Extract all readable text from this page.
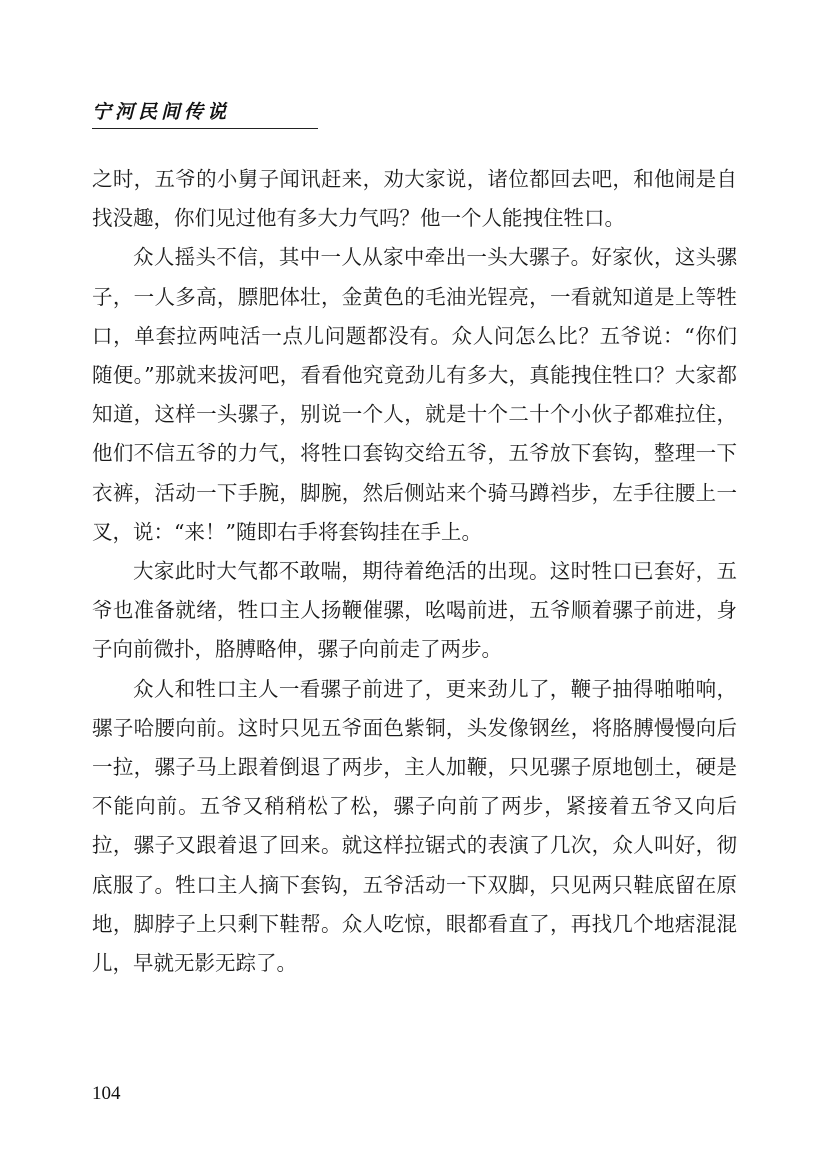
宁河民间传说

之时，五爷的小舅子闻讯赶来，劝大家说，诸位都回去吧，和他闹是自找没趣，你们见过他有多大力气吗？他一个人能拽住牲口。

众人摇头不信，其中一人从家中牵出一头大骡子。好家伙，这头骡子，一人多高，膘肥体壮，金黄色的毛油光锃亮，一看就知道是上等牲口，单套拉两吨活一点儿问题都没有。众人问怎么比？五爷说：“你们随便。”那就来拔河吧，看看他究竟劲儿有多大，真能拽住牲口？大家都知道，这样一头骡子，别说一个人，就是十个二十个小伙子都难拉住，他们不信五爷的力气，将牲口套钩交给五爷，五爷放下套钩，整理一下衣裤，活动一下手腕，脚腕，然后侧站来个骑马蹲裆步，左手往腰上一叉，说：“来！”随即右手将套钩挂在手上。

大家此时大气都不敢喘，期待着绝活的出现。这时牲口已套好，五爷也准备就绪，牲口主人扬鞭催骡，吆喝前进，五爷顺着骡子前进，身子向前微扑，胳膊略伸，骡子向前走了两步。

众人和牲口主人一看骡子前进了，更来劲儿了，鞭子抽得啪啪响，骡子哈腰向前。这时只见五爷面色紫铜，头发像钢丝，将胳膊慢慢向后一拉，骡子马上跟着倒退了两步，主人加鞭，只见骡子原地刨土，硬是不能向前。五爷又稍稍松了松，骡子向前了两步，紧接着五爷又向后拉，骡子又跟着退了回来。就这样拉锯式的表演了几次，众人叫好，彻底服了。牲口主人摘下套钩，五爷活动一下双脚，只见两只鞋底留在原地，脚脖子上只剩下鞋帮。众人吃惊，眼都看直了，再找几个地痞混混儿，早就无影无踪了。

104
